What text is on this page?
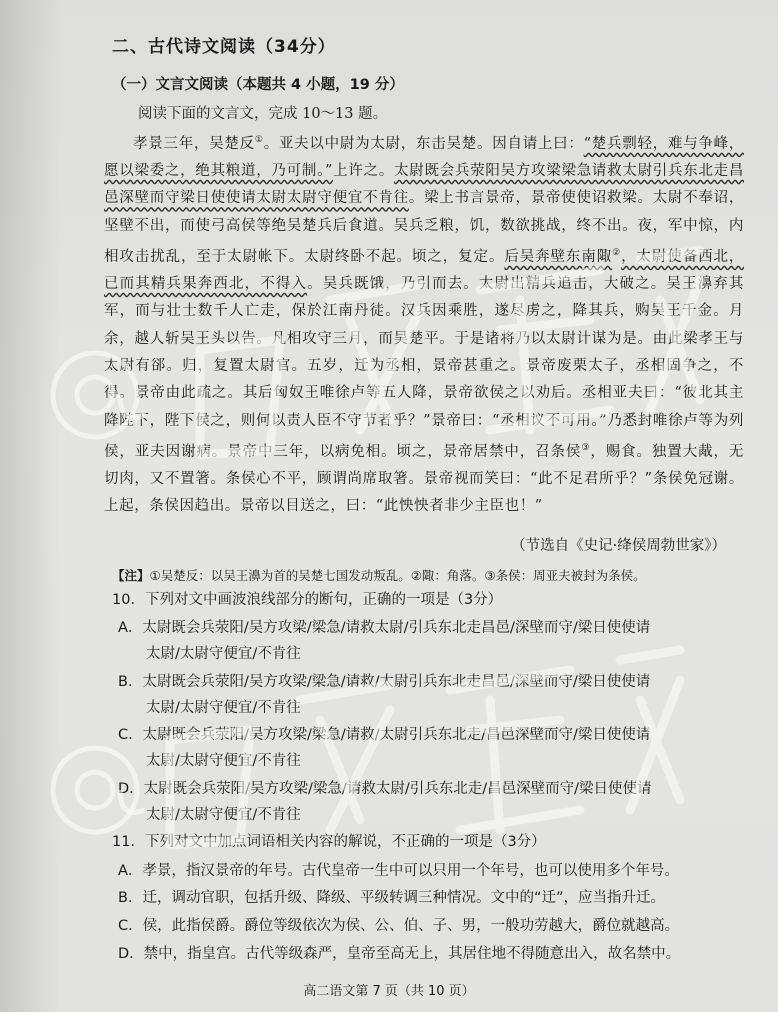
二、古代诗文阅读（34分）
（一）文言文阅读（本题共 4 小题，19 分）
阅读下面的文言文，完成 10～13 题。

孝景三年，吴楚反①。亚夫以中尉为太尉，东击吴楚。因自请上曰：“楚兵剽轻，难与争峰，愿以梁委之，绝其粮道，乃可制。”上许之。太尉既会兵荥阳吴方攻梁梁急请救太尉引兵东北走昌邑深壁而守梁日使使请太尉太尉守便宜不肯往。梁上书言景帝，景帝使使诏救梁。太尉不奉诏，坚壁不出，而使弓高侯等绝吴楚兵后食道。吴兵乏粮，饥，数欲挑战，终不出。夜，军中惊，内相攻击扰乱，至于太尉帐下。太尉终卧不起。顷之，复定。后吴奔壁东南陬②，太尉使备西北，已而其精兵果奔西北，不得入。吴兵既饿，乃引而去。太尉出精兵追击，大破之。吴王濞弃其军，而与壮士数千人亡走，保於江南丹徒。汉兵因乘胜，遂尽虏之，降其兵，购吴王千金。月余，越人斩吴王头以告。凡相攻守三月，而吴楚平。于是诸将乃以太尉计谋为是。由此梁孝王与太尉有郤。归，复置太尉官。五岁，迁为丞相，景帝甚重之。景帝废栗太子，丞相固争之，不得。景帝由此疏之。其后匈奴王唯徐卢等五人降，景帝欲侯之以劝后。丞相亚夫曰：“彼北其主降陛下，陛下侯之，则何以责人臣不守节者乎？”景帝曰：“丞相议不可用。”乃悉封唯徐卢等为列侯，亚夫因谢病。景帝中三年，以病免相。顷之，景帝居禁中，召条侯③，赐食。独置大胾，无切肉，又不置箸。条侯心不平，顾谓尚席取箸。景帝视而笑曰：“此不足君所乎？”条侯免冠谢。上起，条侯因趋出。景帝以目送之，曰：“此怏怏者非少主臣也！”

（节选自《史记·绛侯周勃世家》）
【注】①吴楚反：以吴王濞为首的吴楚七国发动叛乱。②陬：角落。③条侯：周亚夫被封为条侯。
10．下列对文中画波浪线部分的断句，正确的一项是（3分）
A．太尉既会兵荥阳/吴方攻梁/梁急/请救太尉/引兵东北走昌邑/深壁而守/梁日使使请
太尉/太尉守便宜/不肯往
B．太尉既会兵荥阳/吴方攻梁/梁急/请救/太尉引兵东北走昌邑/深壁而守/梁日使使请
太尉/太尉守便宜/不肯往
C．太尉既会兵荥阳/吴方攻梁/梁急/请救/太尉引兵东北走/昌邑深壁而守/梁日使使请
太尉/太尉守便宜/不肯往
D．太尉既会兵荥阳/吴方攻梁/梁急/请救太尉/引兵东北走/昌邑深壁而守/梁日使使请
太尉/太尉守便宜/不肯往
11．下列对文中加点词语相关内容的解说，不正确的一项是（3分）
A．孝景，指汉景帝的年号。古代皇帝一生中可以只用一个年号，也可以使用多个年号。
B．迁，调动官职，包括升级、降级、平级转调三种情况。文中的“迁”，应当指升迁。
C．侯，此指侯爵。爵位等级依次为侯、公、伯、子、男，一般功劳越大，爵位就越高。
D．禁中，指皇宫。古代等级森严，皇帝至高无上，其居住地不得随意出入，故名禁中。
高二语文第 7 页（共 10 页）
